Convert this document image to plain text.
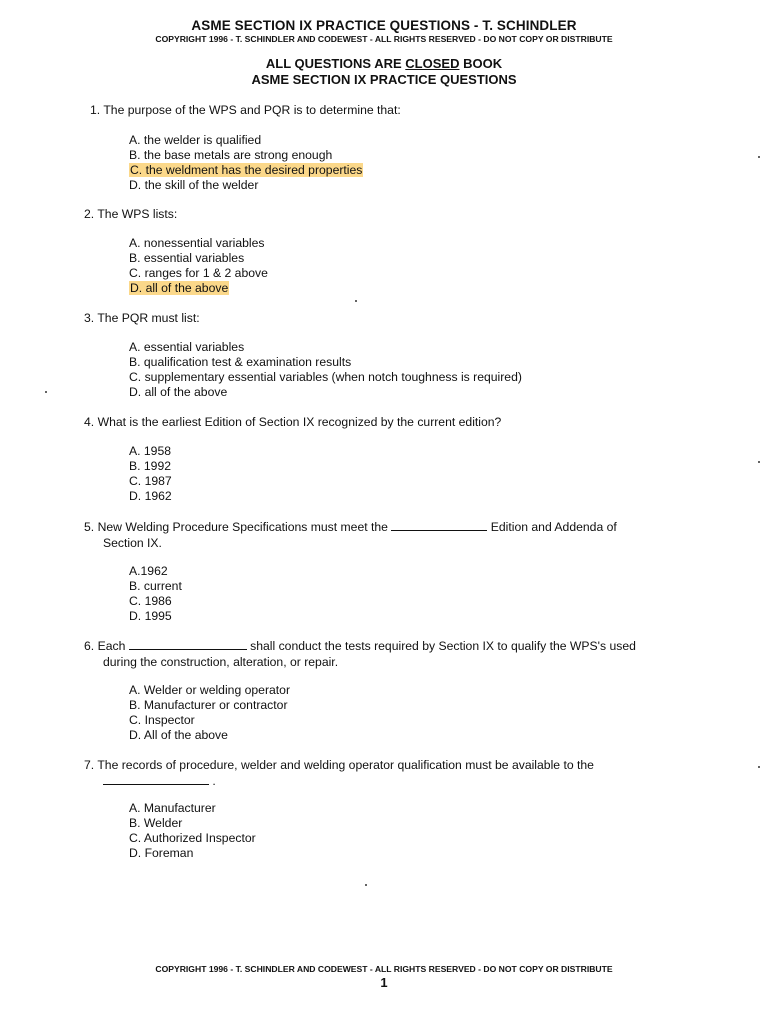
ASME SECTION IX PRACTICE QUESTIONS - T. SCHINDLER
COPYRIGHT 1996 - T. SCHINDLER AND CODEWEST - ALL RIGHTS RESERVED - DO NOT COPY OR DISTRIBUTE
ALL QUESTIONS ARE CLOSED BOOK
ASME SECTION IX PRACTICE QUESTIONS
1. The purpose of the WPS and PQR is to determine that:
A. the welder is qualified
B. the base metals are strong enough
C. the weldment has the desired properties
D. the skill of the welder
2. The WPS lists:
A. nonessential variables
B. essential variables
C. ranges for 1 & 2 above
D. all of the above
3. The PQR must list:
A. essential variables
B. qualification test & examination results
C. supplementary essential variables (when notch toughness is required)
D. all of the above
4. What is the earliest Edition of Section IX recognized by the current edition?
A. 1958
B. 1992
C. 1987
D. 1962
5. New Welding Procedure Specifications must meet the	Edition and Addenda of
Section IX.
A.1962
B. current
C. 1986
D. 1995
6. Each	shall conduct the tests required by Section IX to qualify the WPS's used
during the construction, alteration, or repair.
A. Welder or welding operator
B. Manufacturer or contractor
C. Inspector
D. All of the above
7. The records of procedure, welder and welding operator qualification must be available to the
.
A. Manufacturer
B. Welder
C. Authorized Inspector
D. Foreman
COPYRIGHT 1996 - T. SCHINDLER AND CODEWEST - ALL RIGHTS RESERVED - DO NOT COPY OR DISTRIBUTE
1
